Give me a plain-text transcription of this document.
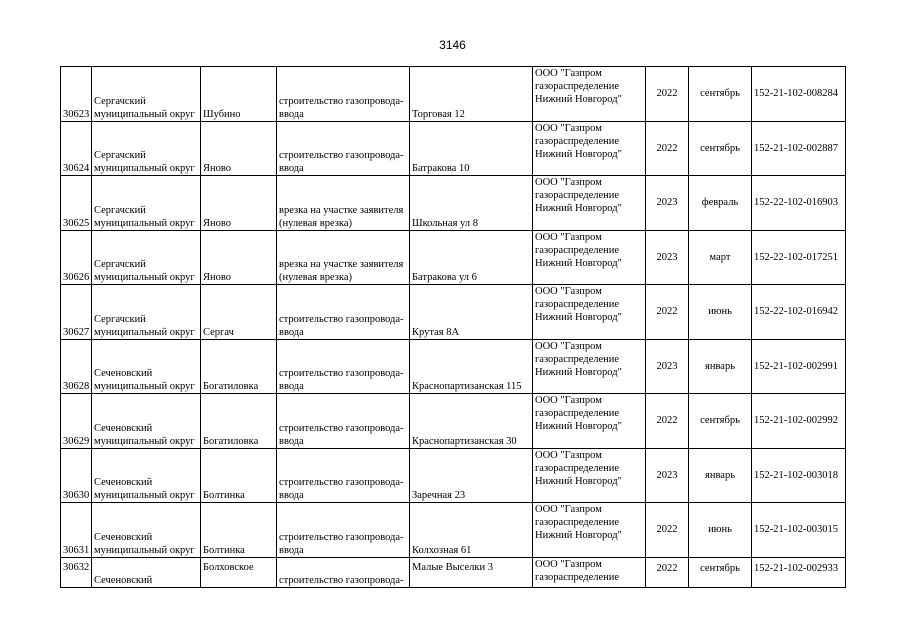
3146
30623	Сергачский
муниципальный округ	Шубино	строительство газопровода-
ввода	Торговая 12	ООО "Газпром
газораспределение
Нижний Новгород"	2022	сентябрь	152-21-102-008284
30624	Сергачский
муниципальный округ	Яново	строительство газопровода-
ввода	Батракова 10	ООО "Газпром
газораспределение
Нижний Новгород"	2022	сентябрь	152-21-102-002887
30625	Сергачский
муниципальный округ	Яново	врезка на участке заявителя
(нулевая врезка)	Школьная ул 8	ООО "Газпром
газораспределение
Нижний Новгород"	2023	февраль	152-22-102-016903
30626	Сергачский
муниципальный округ	Яново	врезка на участке заявителя
(нулевая врезка)	Батракова ул 6	ООО "Газпром
газораспределение
Нижний Новгород"	2023	март	152-22-102-017251
30627	Сергачский
муниципальный округ	Сергач	строительство газопровода-
ввода	Крутая 8А	ООО "Газпром
газораспределение
Нижний Новгород"	2022	июнь	152-22-102-016942
30628	Сеченовский
муниципальный округ	Богатиловка	строительство газопровода-
ввода	Краснопартизанская 115	ООО "Газпром
газораспределение
Нижний Новгород"	2023	январь	152-21-102-002991
30629	Сеченовский
муниципальный округ	Богатиловка	строительство газопровода-
ввода	Краснопартизанская 30	ООО "Газпром
газораспределение
Нижний Новгород"	2022	сентябрь	152-21-102-002992
30630	Сеченовский
муниципальный округ	Болтинка	строительство газопровода-
ввода	Заречная 23	ООО "Газпром
газораспределение
Нижний Новгород"	2023	январь	152-21-102-003018
30631	Сеченовский
муниципальный округ	Болтинка	строительство газопровода-
ввода	Колхозная 61	ООО "Газпром
газораспределение
Нижний Новгород"	2022	июнь	152-21-102-003015
30632	Сеченовский	Болховское	строительство газопровода-	Малые Выселки 3	ООО "Газпром
газораспределение	2022	сентябрь	152-21-102-002933
